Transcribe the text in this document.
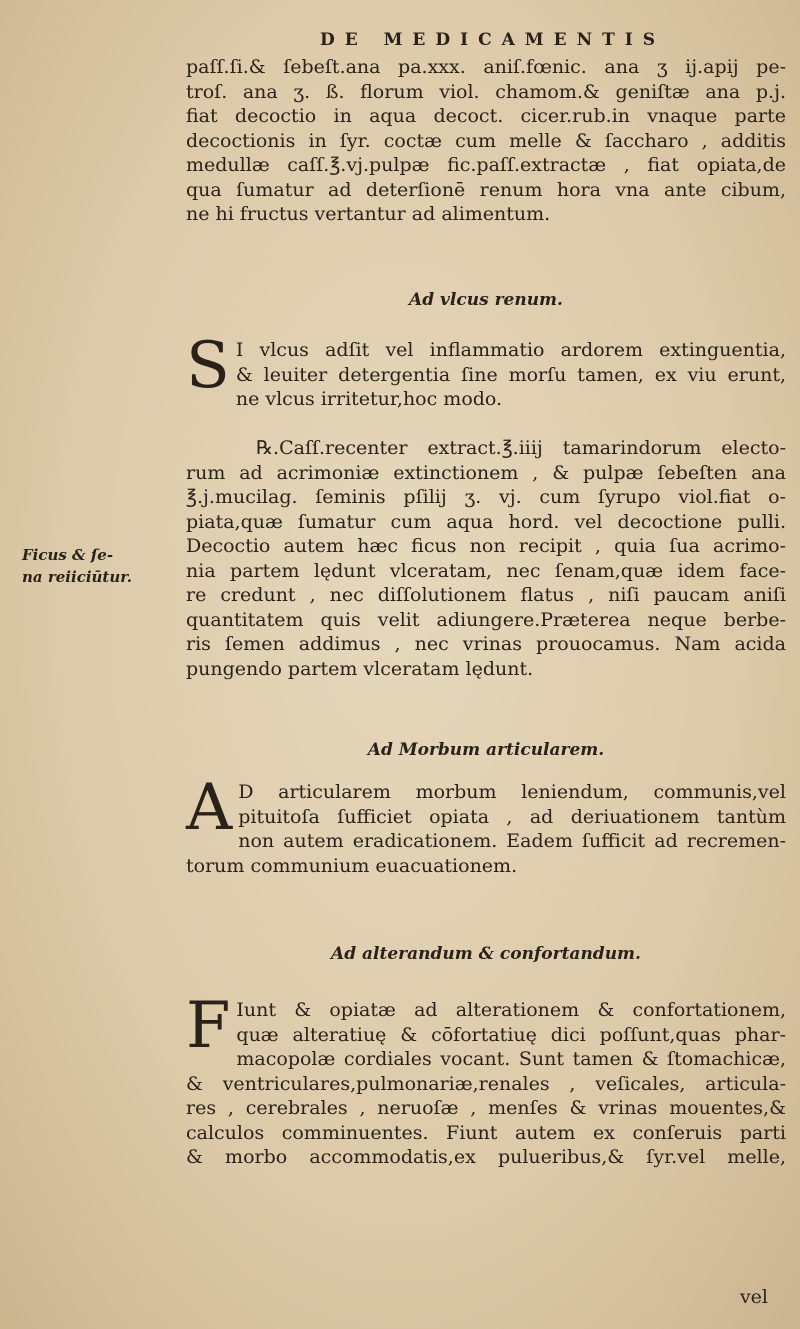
DE MEDICAMENTIS
paſſ.ſi.& ſebeſt.ana pa.xxx. aniſ.fœnic. ana ʒ ij.apij pe-
troſ. ana ʒ. ß. florum viol. chamom.& geniſtæ ana p.j.
fiat decoctio in aqua decoct. cicer.rub.in vnaque parte
decoctionis in ſyr. coctæ cum melle & ſaccharo , additis
medullæ caſſ.℥.vj.pulpæ fic.paſſ.extractæ , fiat opiata,de
qua ſumatur ad deterſionē renum hora vna ante cibum,
ne hi fructus vertantur ad alimentum.
Ad vlcus renum.
S I vlcus adſit vel inflammatio ardorem extinguentia,
& leuiter detergentia ſine morſu tamen, ex viu erunt,
ne vlcus irritetur,hoc modo.
℞.Caſſ.recenter extract.℥.iiij tamarindorum electo-
rum ad acrimoniæ extinctionem , & pulpæ ſebeſten ana
℥.j.mucilag. ſeminis pſilij ʒ. vj. cum ſyrupo viol.fiat o-
piata,quæ ſumatur cum aqua hord. vel decoctione pulli.
Decoctio autem hæc ficus non recipit , quia ſua acrimo-
nia partem lędunt vlceratam, nec ſenam,quæ idem face-
re credunt , nec diſſolutionem flatus , niſi paucam aniſi
quantitatem quis velit adiungere.Præterea neque berbe-
ris ſemen addimus , nec vrinas prouocamus. Nam acida
pungendo partem vlceratam lędunt.
Ficus & ſe-
na reiiciūtur.
Ad Morbum articularem.
A D articularem morbum leniendum, communis,vel
pituitoſa ſufficiet opiata , ad deriuationem tantùm
non autem eradicationem. Eadem ſufficit ad recremen-
torum communium euacuationem.
Ad alterandum & confortandum.
F Iunt & opiatæ ad alterationem & confortationem,
quæ alteratiuę & cōfortatiuę dici poſſunt,quas phar-
macopolæ cordiales vocant. Sunt tamen & ſtomachicæ,
& ventriculares,pulmonariæ,renales , veſicales, articula-
res , cerebrales , neruoſæ , menſes & vrinas mouentes,&
calculos comminuentes. Fiunt autem ex conſeruis parti
& morbo accommodatis,ex pulueribus,& ſyr.vel melle,
vel
